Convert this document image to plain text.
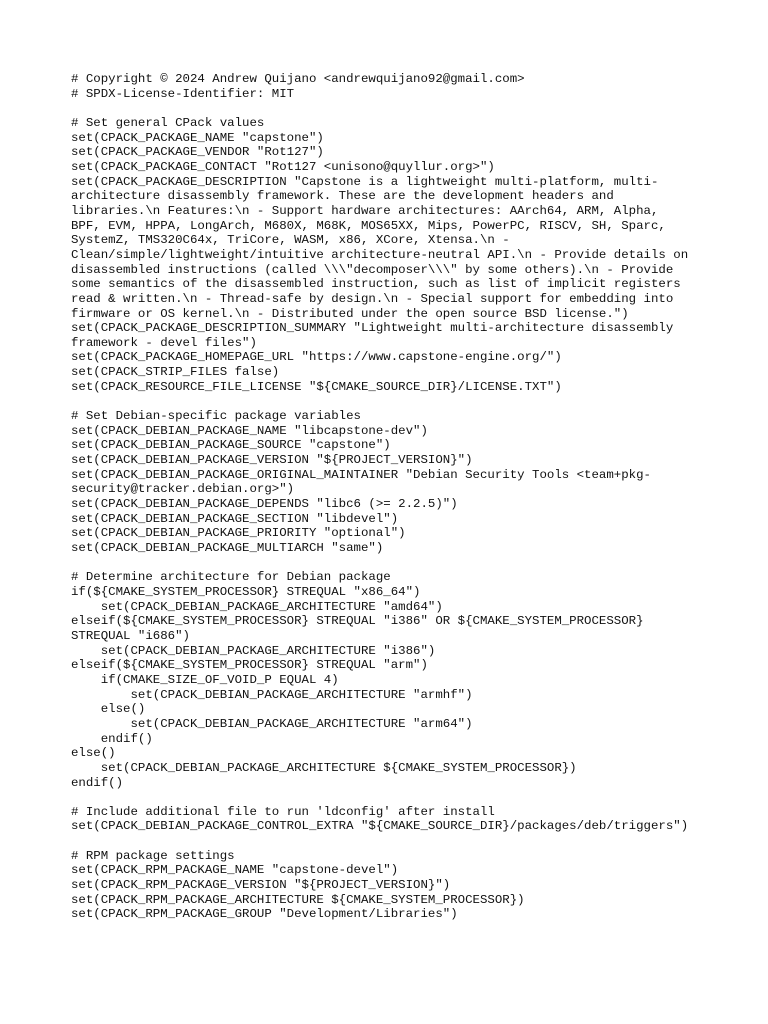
# Copyright © 2024 Andrew Quijano <andrewquijano92@gmail.com>
# SPDX-License-Identifier: MIT
# Set general CPack values
set(CPACK_PACKAGE_NAME "capstone")
set(CPACK_PACKAGE_VENDOR "Rot127")
set(CPACK_PACKAGE_CONTACT "Rot127 <unisono@quyllur.org>")
set(CPACK_PACKAGE_DESCRIPTION "Capstone is a lightweight multi-platform, multi-
architecture disassembly framework. These are the development headers and
libraries.\n Features:\n - Support hardware architectures: AArch64, ARM, Alpha,
BPF, EVM, HPPA, LongArch, M680X, M68K, MOS65XX, Mips, PowerPC, RISCV, SH, Sparc,
SystemZ, TMS320C64x, TriCore, WASM, x86, XCore, Xtensa.\n -
Clean/simple/lightweight/intuitive architecture-neutral API.\n - Provide details on
disassembled instructions (called \\\"decomposer\\\" by some others).\n - Provide
some semantics of the disassembled instruction, such as list of implicit registers
read & written.\n - Thread-safe by design.\n - Special support for embedding into
firmware or OS kernel.\n - Distributed under the open source BSD license.")
set(CPACK_PACKAGE_DESCRIPTION_SUMMARY "Lightweight multi-architecture disassembly
framework - devel files")
set(CPACK_PACKAGE_HOMEPAGE_URL "https://www.capstone-engine.org/")
set(CPACK_STRIP_FILES false)
set(CPACK_RESOURCE_FILE_LICENSE "${CMAKE_SOURCE_DIR}/LICENSE.TXT")
# Set Debian-specific package variables
set(CPACK_DEBIAN_PACKAGE_NAME "libcapstone-dev")
set(CPACK_DEBIAN_PACKAGE_SOURCE "capstone")
set(CPACK_DEBIAN_PACKAGE_VERSION "${PROJECT_VERSION}")
set(CPACK_DEBIAN_PACKAGE_ORIGINAL_MAINTAINER "Debian Security Tools <team+pkg-
security@tracker.debian.org>")
set(CPACK_DEBIAN_PACKAGE_DEPENDS "libc6 (>= 2.2.5)")
set(CPACK_DEBIAN_PACKAGE_SECTION "libdevel")
set(CPACK_DEBIAN_PACKAGE_PRIORITY "optional")
set(CPACK_DEBIAN_PACKAGE_MULTIARCH "same")
# Determine architecture for Debian package
if(${CMAKE_SYSTEM_PROCESSOR} STREQUAL "x86_64")
set(CPACK_DEBIAN_PACKAGE_ARCHITECTURE "amd64")
elseif(${CMAKE_SYSTEM_PROCESSOR} STREQUAL "i386" OR ${CMAKE_SYSTEM_PROCESSOR}
STREQUAL "i686")
set(CPACK_DEBIAN_PACKAGE_ARCHITECTURE "i386")
elseif(${CMAKE_SYSTEM_PROCESSOR} STREQUAL "arm")
if(CMAKE_SIZE_OF_VOID_P EQUAL 4)
set(CPACK_DEBIAN_PACKAGE_ARCHITECTURE "armhf")
else()
set(CPACK_DEBIAN_PACKAGE_ARCHITECTURE "arm64")
endif()
else()
set(CPACK_DEBIAN_PACKAGE_ARCHITECTURE ${CMAKE_SYSTEM_PROCESSOR})
endif()
# Include additional file to run 'ldconfig' after install
set(CPACK_DEBIAN_PACKAGE_CONTROL_EXTRA "${CMAKE_SOURCE_DIR}/packages/deb/triggers")
# RPM package settings
set(CPACK_RPM_PACKAGE_NAME "capstone-devel")
set(CPACK_RPM_PACKAGE_VERSION "${PROJECT_VERSION}")
set(CPACK_RPM_PACKAGE_ARCHITECTURE ${CMAKE_SYSTEM_PROCESSOR})
set(CPACK_RPM_PACKAGE_GROUP "Development/Libraries")
